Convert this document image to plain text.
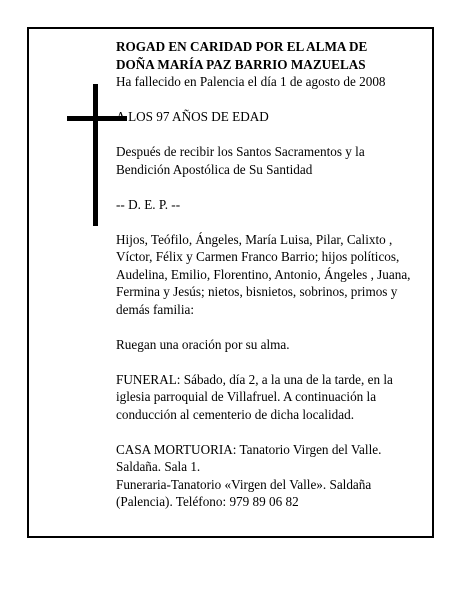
ROGAD EN CARIDAD POR EL ALMA DE

DOÑA MARÍA PAZ BARRIO MAZUELAS

Ha fallecido en Palencia el día 1 de agosto de 2008

A LOS 97 AÑOS DE EDAD

Después de recibir los Santos Sacramentos y la Bendición Apostólica de Su Santidad

-- D. E. P. --

Hijos, Teófilo, Ángeles, María Luisa, Pilar, Calixto , Víctor, Félix y Carmen Franco Barrio; hijos políticos, Audelina, Emilio, Florentino, Antonio, Ángeles , Juana, Fermina y Jesús; nietos, bisnietos, sobrinos, primos y demás familia:

Ruegan una oración por su alma.

FUNERAL: Sábado, día 2, a la una de la tarde, en la iglesia parroquial de Villafruel. A continuación la conducción al cementerio de dicha localidad.

CASA MORTUORIA: Tanatorio Virgen del Valle. Saldaña. Sala 1.

Funeraria-Tanatorio «Virgen del Valle». Saldaña (Palencia). Teléfono: 979 89 06 82
